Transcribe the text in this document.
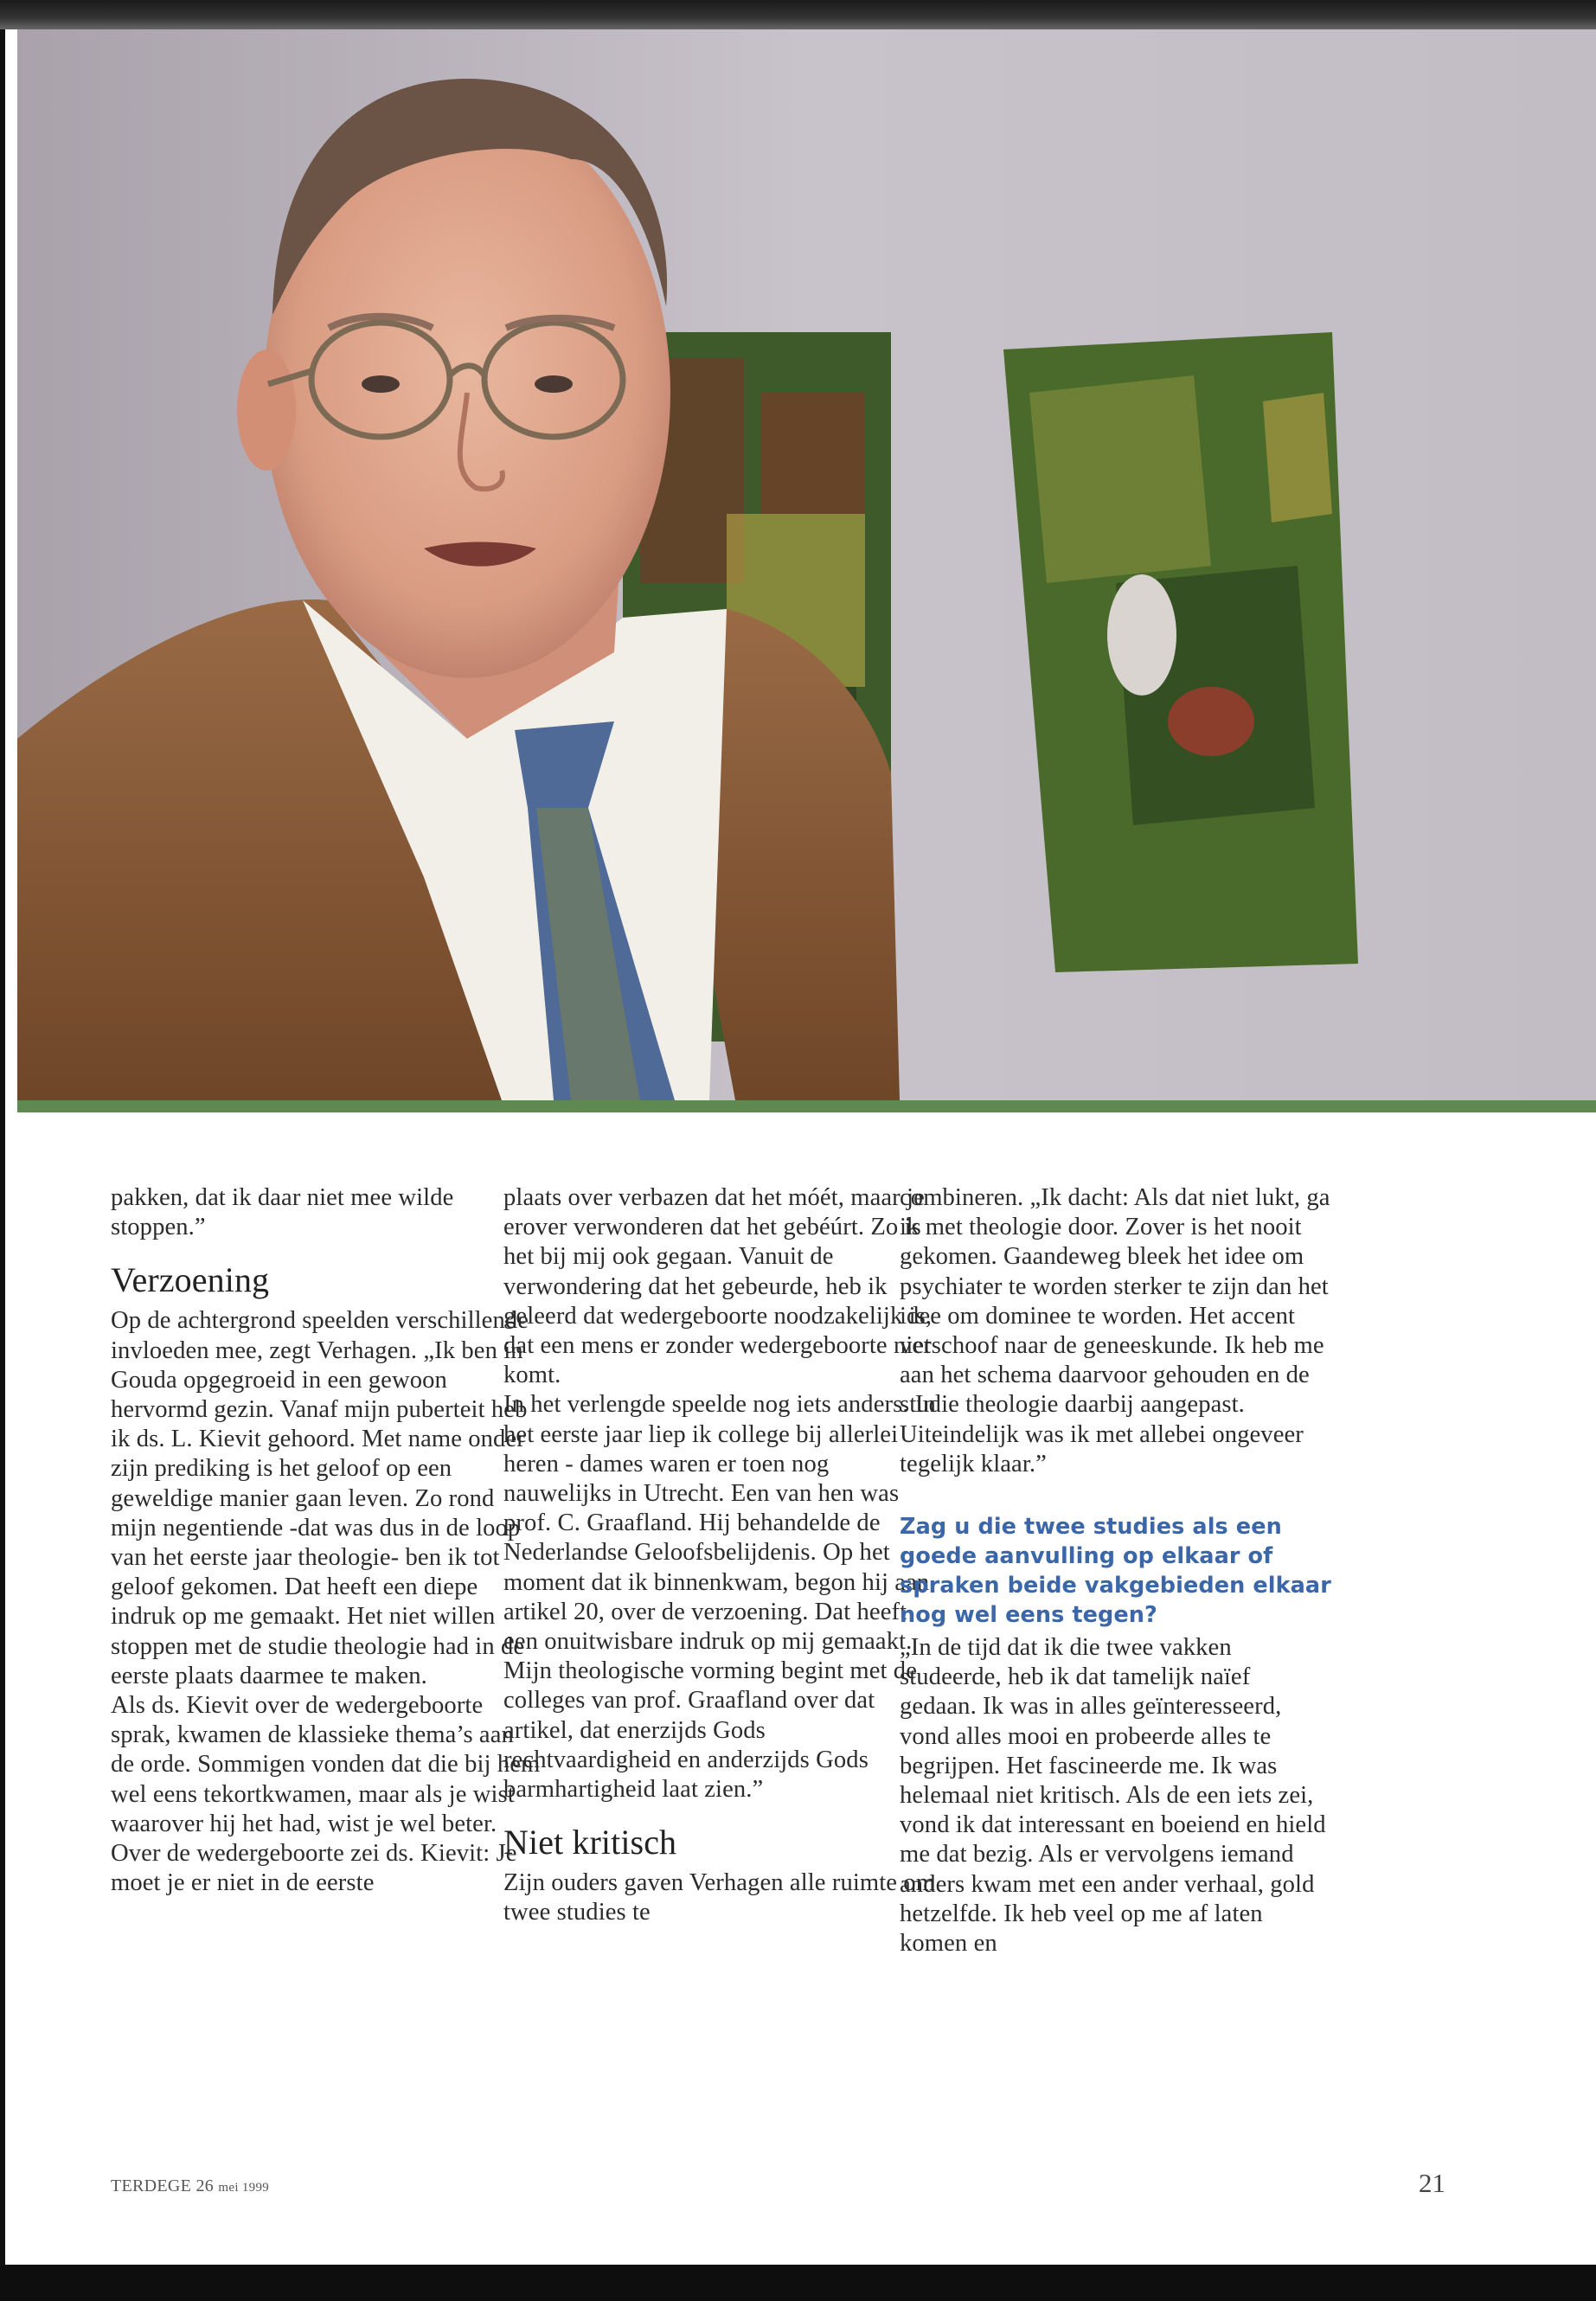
pakken, dat ik daar niet mee wilde stoppen.”

Verzoening

Op de achtergrond speelden verschillende invloeden mee, zegt Verhagen. „Ik ben in Gouda opgegroeid in een gewoon hervormd gezin. Vanaf mijn puberteit heb ik ds. L. Kievit gehoord. Met name onder zijn prediking is het geloof op een geweldige manier gaan leven. Zo rond mijn negentiende -dat was dus in de loop van het eerste jaar theologie- ben ik tot geloof gekomen. Dat heeft een diepe indruk op me gemaakt. Het niet willen stoppen met de studie theologie had in de eerste plaats daarmee te maken.

Als ds. Kievit over de wedergeboorte sprak, kwamen de klassieke thema’s aan de orde. Sommigen vonden dat die bij hem wel eens tekortkwamen, maar als je wist waarover hij het had, wist je wel beter. Over de wedergeboorte zei ds. Kievit: Je moet je er niet in de eerste

plaats over verbazen dat het móét, maar je erover verwonderen dat het gebéúrt. Zo is het bij mij ook gegaan. Vanuit de verwondering dat het gebeurde, heb ik geleerd dat wedergeboorte noodzakelijk is, dat een mens er zonder wedergeboorte niet komt.

In het verlengde speelde nog iets anders. In het eerste jaar liep ik college bij allerlei heren - dames waren er toen nog nauwelijks in Utrecht. Een van hen was prof. C. Graafland. Hij behandelde de Nederlandse Geloofsbelijdenis. Op het moment dat ik binnenkwam, begon hij aan artikel 20, over de verzoening. Dat heeft een onuitwisbare indruk op mij gemaakt. Mijn theologische vorming begint met de colleges van prof. Graafland over dat artikel, dat enerzijds Gods rechtvaardigheid en anderzijds Gods barmhartigheid laat zien.”

Niet kritisch

Zijn ouders gaven Verhagen alle ruimte om twee studies te

combineren. „Ik dacht: Als dat niet lukt, ga ik met theologie door. Zover is het nooit gekomen. Gaandeweg bleek het idee om psychiater te worden sterker te zijn dan het idee om dominee te worden. Het accent verschoof naar de geneeskunde. Ik heb me aan het schema daarvoor gehouden en de studie theologie daarbij aangepast. Uiteindelijk was ik met allebei ongeveer tegelijk klaar.”

Zag u die twee studies als een goede aanvulling op elkaar of spraken beide vakgebieden elkaar nog wel eens tegen?

„In de tijd dat ik die twee vakken studeerde, heb ik dat tamelijk naïef gedaan. Ik was in alles geïnteresseerd, vond alles mooi en probeerde alles te begrijpen. Het fascineerde me. Ik was helemaal niet kritisch. Als de een iets zei, vond ik dat interessant en boeiend en hield me dat bezig. Als er vervolgens iemand anders kwam met een ander verhaal, gold hetzelfde. Ik heb veel op me af laten komen en

TERDEGE 26 mei 1999	21
